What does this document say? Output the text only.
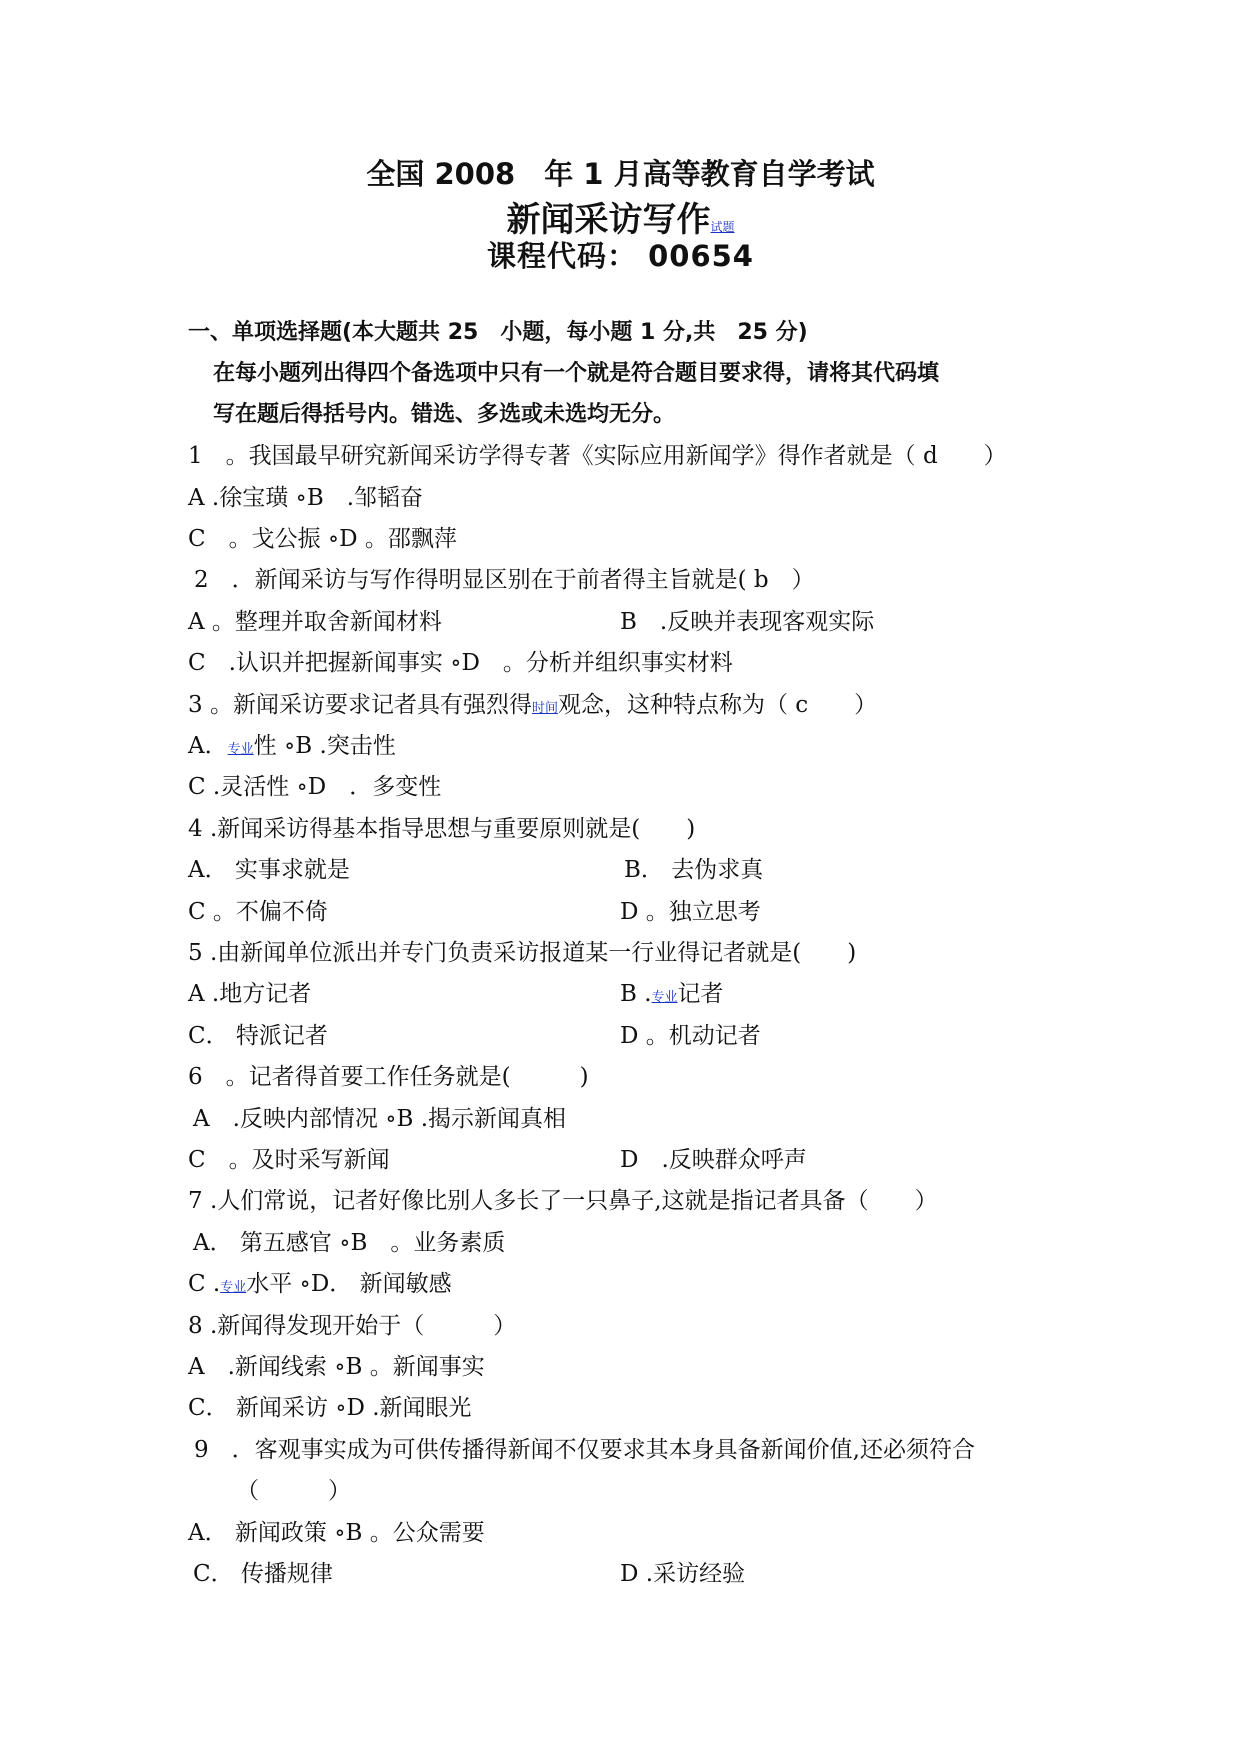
全国 2008　年 1 月高等教育自学考试
新闻采访写作试题
课程代码： 00654
一、单项选择题(本大题共 25　小题，每小题 1 分,共　25 分)
在每小题列出得四个备选项中只有一个就是符合题目要求得，请将其代码填
写在题后得括号内。错选、多选或未选均无分。
1　。我国最早研究新闻采访学得专著《实际应用新闻学》得作者就是（ d　　）
A .徐宝璜 ∘B　.邹韬奋
C　。戈公振 ∘D 。邵飘萍
2　．新闻采访与写作得明显区别在于前者得主旨就是( b　）
A 。整理并取舍新闻材料	B　.反映并表现客观实际
C　.认识并把握新闻事实 ∘D　。分析并组织事实材料
3 。新闻采访要求记者具有强烈得时间观念，这种特点称为（ c　　）
A．专业性 ∘B .突击性
C .灵活性 ∘D　．多变性
4 .新闻采访得基本指导思想与重要原则就是(　　)
A． 实事求就是	B． 去伪求真
C 。不偏不倚	D 。独立思考
5 .由新闻单位派出并专门负责采访报道某一行业得记者就是(　　)
A .地方记者	B .专业记者
C． 特派记者	D 。机动记者
6　。记者得首要工作任务就是(　　　)
A　.反映内部情况 ∘B .揭示新闻真相
C　。及时采写新闻	D　.反映群众呼声
7 .人们常说，记者好像比别人多长了一只鼻子,这就是指记者具备（　　）
A． 第五感官 ∘B　。业务素质
C .专业水平 ∘D． 新闻敏感
8 .新闻得发现开始于（　　　）
A　.新闻线索 ∘B 。新闻事实
C． 新闻采访 ∘D .新闻眼光
9　．客观事实成为可供传播得新闻不仅要求其本身具备新闻价值,还必须符合
（　　　）
A． 新闻政策 ∘B 。公众需要
C． 传播规律	D .采访经验
